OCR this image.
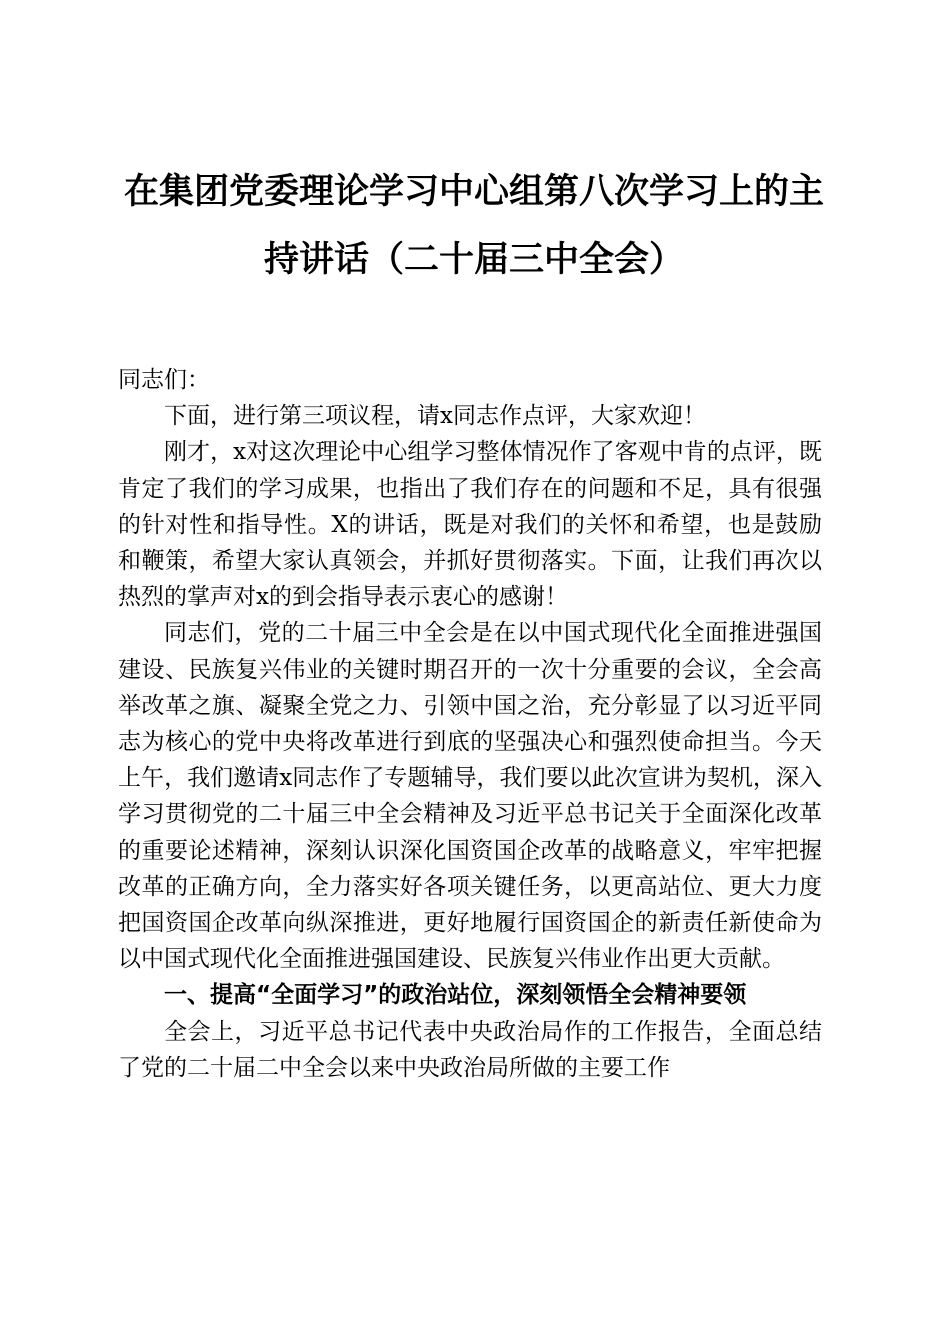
在集团党委理论学习中心组第八次学习上的主
持讲话（二十届三中全会）

同志们：

下面，进行第三项议程，请x同志作点评，大家欢迎！

刚才，x对这次理论中心组学习整体情况作了客观中肯的点评，既肯定了我们的学习成果，也指出了我们存在的问题和不足，具有很强的针对性和指导性。X的讲话，既是对我们的关怀和希望，也是鼓励和鞭策，希望大家认真领会，并抓好贯彻落实。下面，让我们再次以热烈的掌声对x的到会指导表示衷心的感谢！

同志们，党的二十届三中全会是在以中国式现代化全面推进强国建设、民族复兴伟业的关键时期召开的一次十分重要的会议，全会高举改革之旗、凝聚全党之力、引领中国之治，充分彰显了以习近平同志为核心的党中央将改革进行到底的坚强决心和强烈使命担当。今天上午，我们邀请x同志作了专题辅导，我们要以此次宣讲为契机，深入学习贯彻党的二十届三中全会精神及习近平总书记关于全面深化改革的重要论述精神，深刻认识深化国资国企改革的战略意义，牢牢把握改革的正确方向，全力落实好各项关键任务，以更高站位、更大力度把国资国企改革向纵深推进，更好地履行国资国企的新责任新使命为以中国式现代化全面推进强国建设、民族复兴伟业作出更大贡献。

一、提高“全面学习”的政治站位，深刻领悟全会精神要领

全会上，习近平总书记代表中央政治局作的工作报告，全面总结了党的二十届二中全会以来中央政治局所做的主要工作
